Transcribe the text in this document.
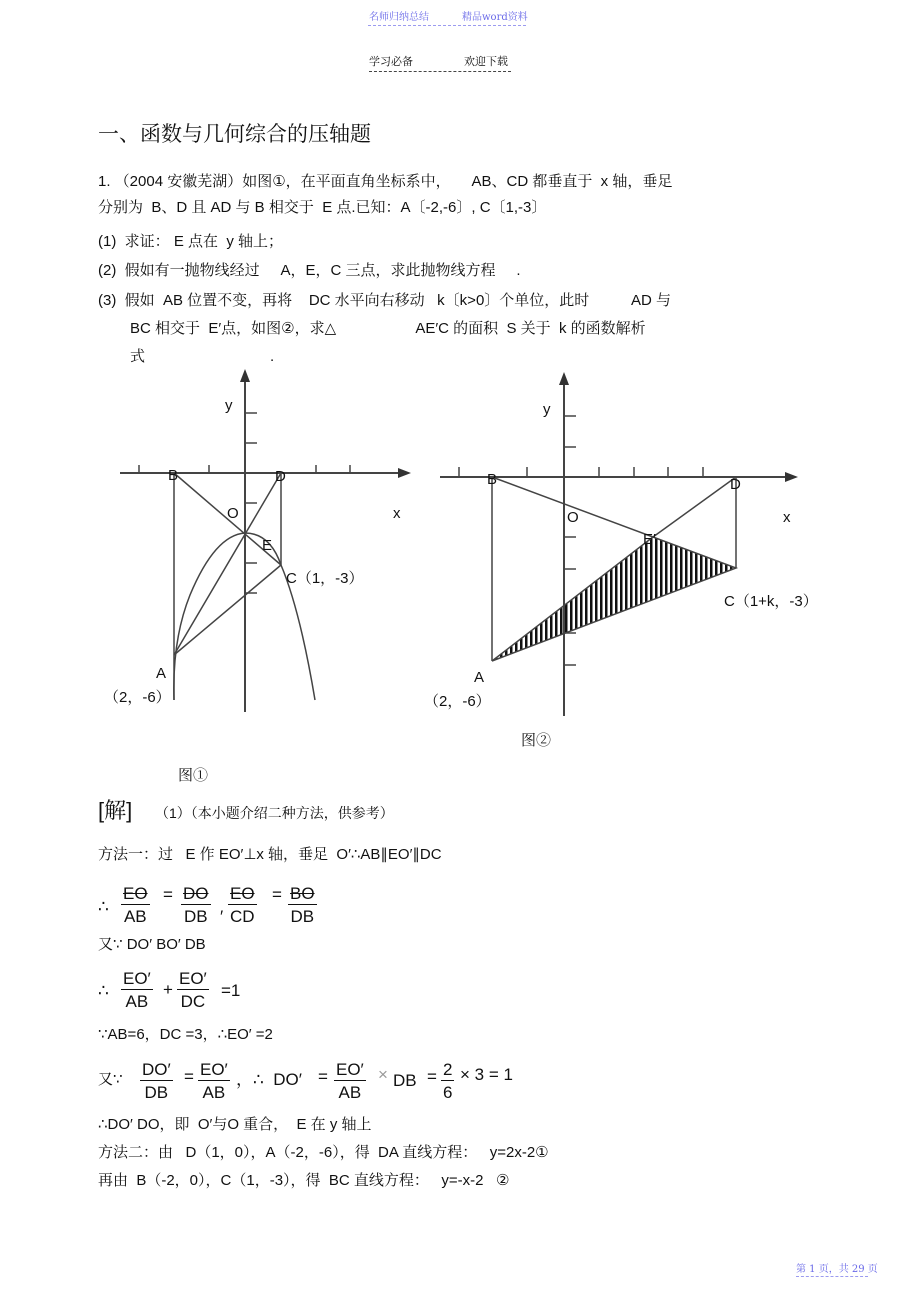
名师归纳总结	精品word资料
学习必备	欢迎下载
一、函数与几何综合的压轴题
1. （2004 安徽芜湖）如图①，在平面直角坐标系中，     AB、CD 都垂直于  x 轴，垂足
分别为  B、D 且 AD 与 B 相交于  E 点.已知：A〔-2,-6〕, C〔1,-3〕
(1)  求证： E 点在  y 轴上；
(2)  假如有一抛物线经过     A，E，C 三点，求此抛物线方程     .
(3)  假如  AB 位置不变，再将    DC 水平向右移动   k〔k>0〕个单位，此时          AD 与
BC 相交于  E′点，如图②，求△                   AE′C 的面积  S 关于  k 的函数解析
式                              .
y
x
B	D
O
E
C（1，-3）
A
（2，-6）
图①
y
x
B	D
O
E′
C（1+k，-3）
A
（2，-6）
图②
[解] （1）（本小题介绍二种方法，供参考）
方法一：过   E 作 EO′⊥x 轴，垂足  O′∴AB∥EO′∥DC
∴ $\frac{EO}{AB} = \frac{DO}{DB}$ ′ $\frac{EO}{CD} = \frac{BO}{DB}$
又∵ DO′ BO′ DB
∴ $\frac{EO'}{AB} + \frac{EO'}{DC} =1$
∵AB=6，DC =3，∴EO′ =2
又∵ $\frac{DO'}{DB} = \frac{EO'}{AB}$ ，∴  $DO' = \frac{EO'}{AB}$ × DB = $\frac{2}{6} \times 3 = 1$
∴DO′ DO，即  O′与O 重合，  E 在 y 轴上
方法二：由   D（1，0），A（-2，-6），得  DA 直线方程：   y=2x-2①
再由  B（-2，0），C（1，-3），得  BC 直线方程：   y=-x-2   ②
第 1 页，共 29 页
